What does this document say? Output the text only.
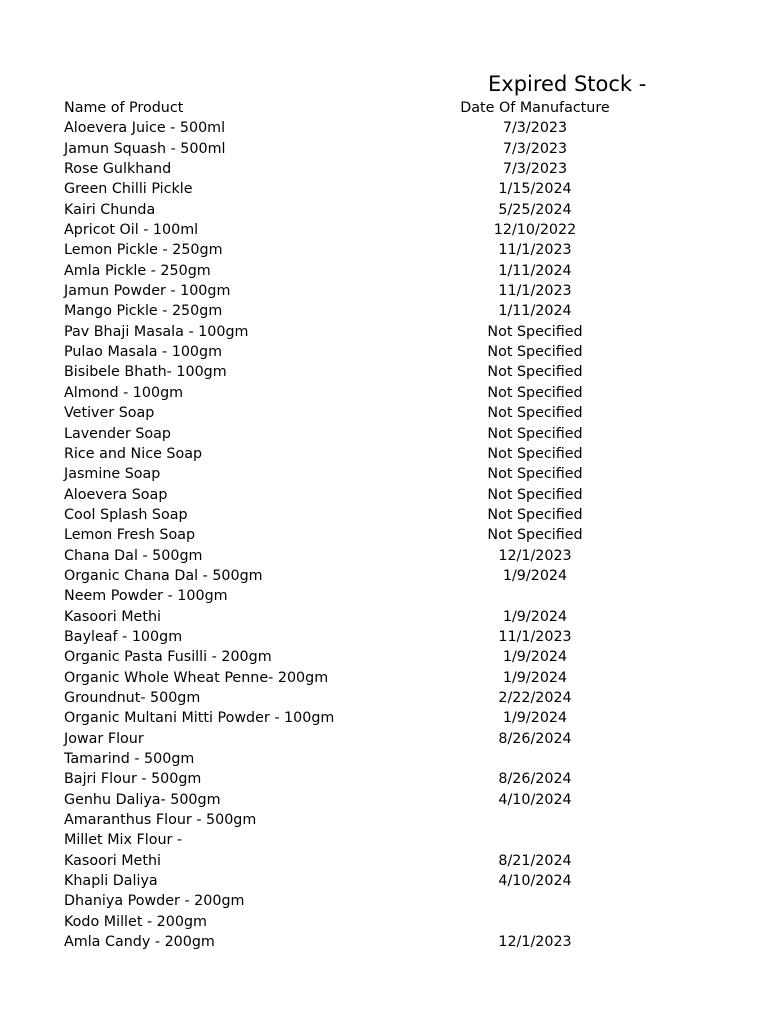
Expired Stock -
Name of Product	Date Of Manufacture
Aloevera Juice - 500ml	7/3/2023
Jamun Squash - 500ml	7/3/2023
Rose Gulkhand	7/3/2023
Green Chilli Pickle	1/15/2024
Kairi Chunda	5/25/2024
Apricot Oil - 100ml	12/10/2022
Lemon Pickle - 250gm	11/1/2023
Amla Pickle - 250gm	1/11/2024
Jamun Powder - 100gm	11/1/2023
Mango Pickle - 250gm	1/11/2024
Pav Bhaji Masala - 100gm	Not Specified
Pulao Masala - 100gm	Not Specified
Bisibele Bhath- 100gm	Not Specified
Almond - 100gm	Not Specified
Vetiver Soap	Not Specified
Lavender Soap	Not Specified
Rice and Nice Soap	Not Specified
Jasmine Soap	Not Specified
Aloevera Soap	Not Specified
Cool Splash Soap	Not Specified
Lemon Fresh Soap	Not Specified
Chana Dal - 500gm	12/1/2023
Organic Chana Dal - 500gm	1/9/2024
Neem Powder - 100gm
Kasoori Methi	1/9/2024
Bayleaf - 100gm	11/1/2023
Organic Pasta Fusilli - 200gm	1/9/2024
Organic Whole Wheat Penne- 200gm	1/9/2024
Groundnut- 500gm	2/22/2024
Organic Multani Mitti Powder - 100gm	1/9/2024
Jowar Flour	8/26/2024
Tamarind - 500gm
Bajri Flour - 500gm	8/26/2024
Genhu Daliya- 500gm	4/10/2024
Amaranthus Flour - 500gm
Millet Mix Flour -
Kasoori Methi	8/21/2024
Khapli Daliya	4/10/2024
Dhaniya Powder - 200gm
Kodo Millet - 200gm
Amla Candy - 200gm	12/1/2023
